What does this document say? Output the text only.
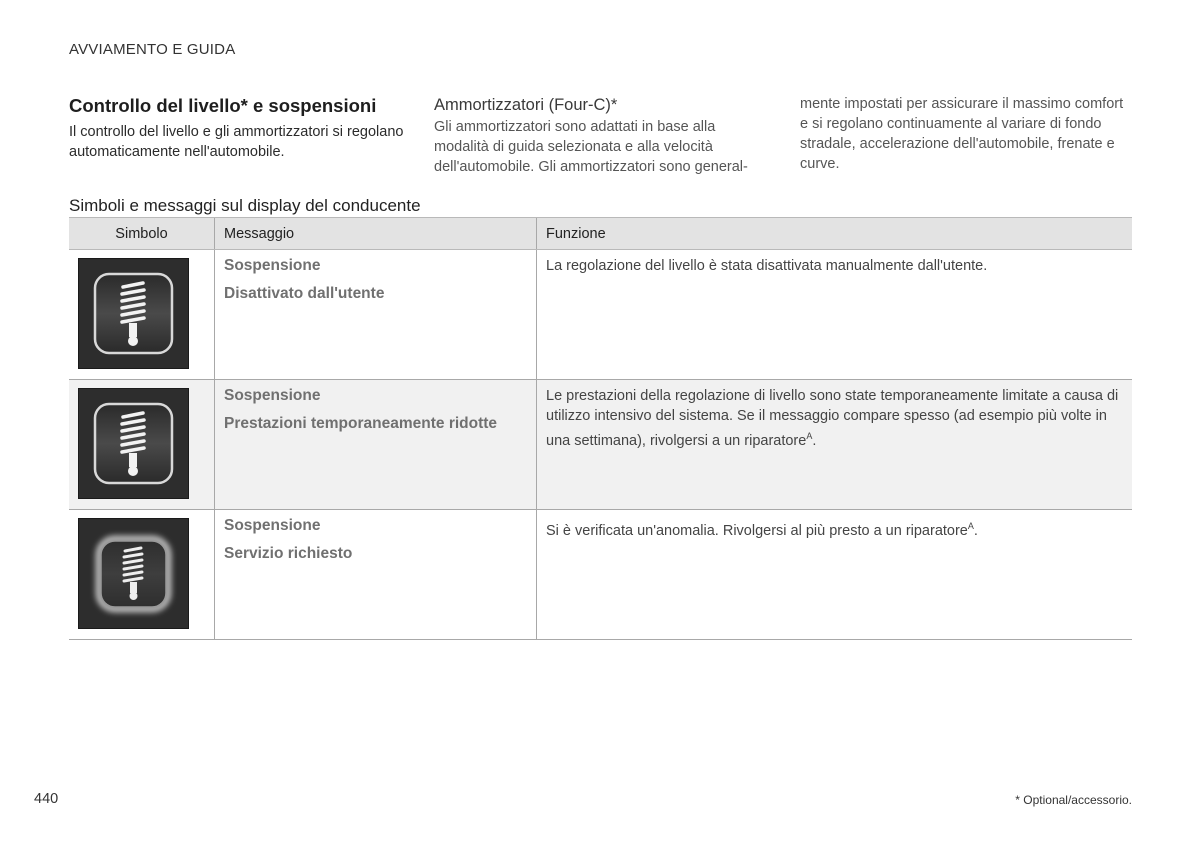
AVVIAMENTO E GUIDA
Controllo del livello* e sospensioni

Il controllo del livello e gli ammortizzatori si regolano automaticamente nell'automobile.

Ammortizzatori (Four-C)*

Gli ammortizzatori sono adattati in base alla modalità di guida selezionata e alla velocità dell'automobile. Gli ammortizzatori sono general-

mente impostati per assicurare il massimo comfort e si regolano continuamente al variare di fondo stradale, accelerazione dell'automobile, frenate e curve.

Simboli e messaggi sul display del conducente
Simbolo	Messaggio	Funzione

Sospensione
Disattivato dall'utente	La regolazione del livello è stata disattivata manualmente dall'utente.

Sospensione
Prestazioni temporaneamente ridotte	Le prestazioni della regolazione di livello sono state temporaneamente limitate a causa di utilizzo intensivo del sistema. Se il messaggio compare spesso (ad esempio più volte in una settimana), rivolgersi a un riparatore$^A$.

Sospensione
Servizio richiesto	Si è verificata un'anomalia. Rivolgersi al più presto a un riparatore$^A$.
440	* Optional/accessorio.
